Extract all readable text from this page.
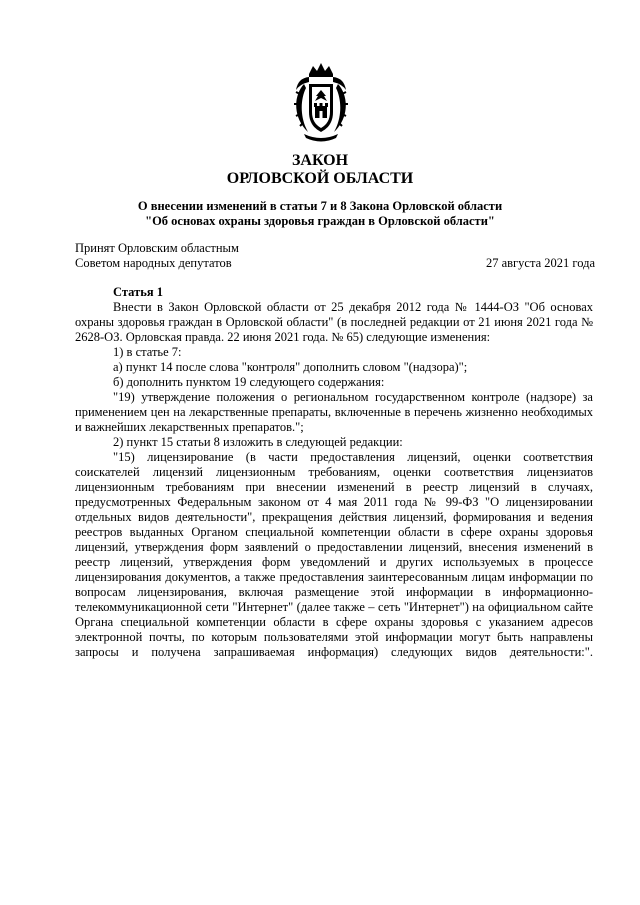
ЗАКОН
ОРЛОВСКОЙ ОБЛАСТИ
О внесении изменений в статьи 7 и 8 Закона Орловской области
"Об основах охраны здоровья граждан в Орловской области"
Принят Орловским областным
Советом народных депутатов	27 августа 2021 года
Статья 1

Внести в Закон Орловской области от 25 декабря 2012 года № 1444-ОЗ "Об основах охраны здоровья граждан в Орловской области" (в последней редакции от 21 июня 2021 года № 2628-ОЗ. Орловская правда. 22 июня 2021 года. № 65) следующие изменения:

1) в статье 7:

а) пункт 14 после слова "контроля" дополнить словом "(надзора)";

б) дополнить пунктом 19 следующего содержания:

"19) утверждение положения о региональном государственном контроле (надзоре) за применением цен на лекарственные препараты, включенные в перечень жизненно необходимых и важнейших лекарственных препаратов.";

2) пункт 15 статьи 8 изложить в следующей редакции:

"15) лицензирование (в части предоставления лицензий, оценки соответствия соискателей лицензий лицензионным требованиям, оценки соответствия лицензиатов лицензионным требованиям при внесении изменений в реестр лицензий в случаях, предусмотренных Федеральным законом от 4 мая 2011 года № 99-ФЗ "О лицензировании отдельных видов деятельности", прекращения действия лицензий, формирования и ведения реестров выданных Органом специальной компетенции области в сфере охраны здоровья лицензий, утверждения форм заявлений о предоставлении лицензий, внесения изменений в реестр лицензий, утверждения форм уведомлений и других используемых в процессе лицензирования документов, а также предоставления заинтересованным лицам информации по вопросам лицензирования, включая размещение этой информации в информационно-телекоммуникационной сети "Интернет" (далее также – сеть "Интернет") на официальном сайте Органа специальной компетенции области в сфере охраны здоровья с указанием адресов электронной почты, по которым пользователями этой информации могут быть направлены запросы и получена запрашиваемая информация) следующих видов деятельности:".
